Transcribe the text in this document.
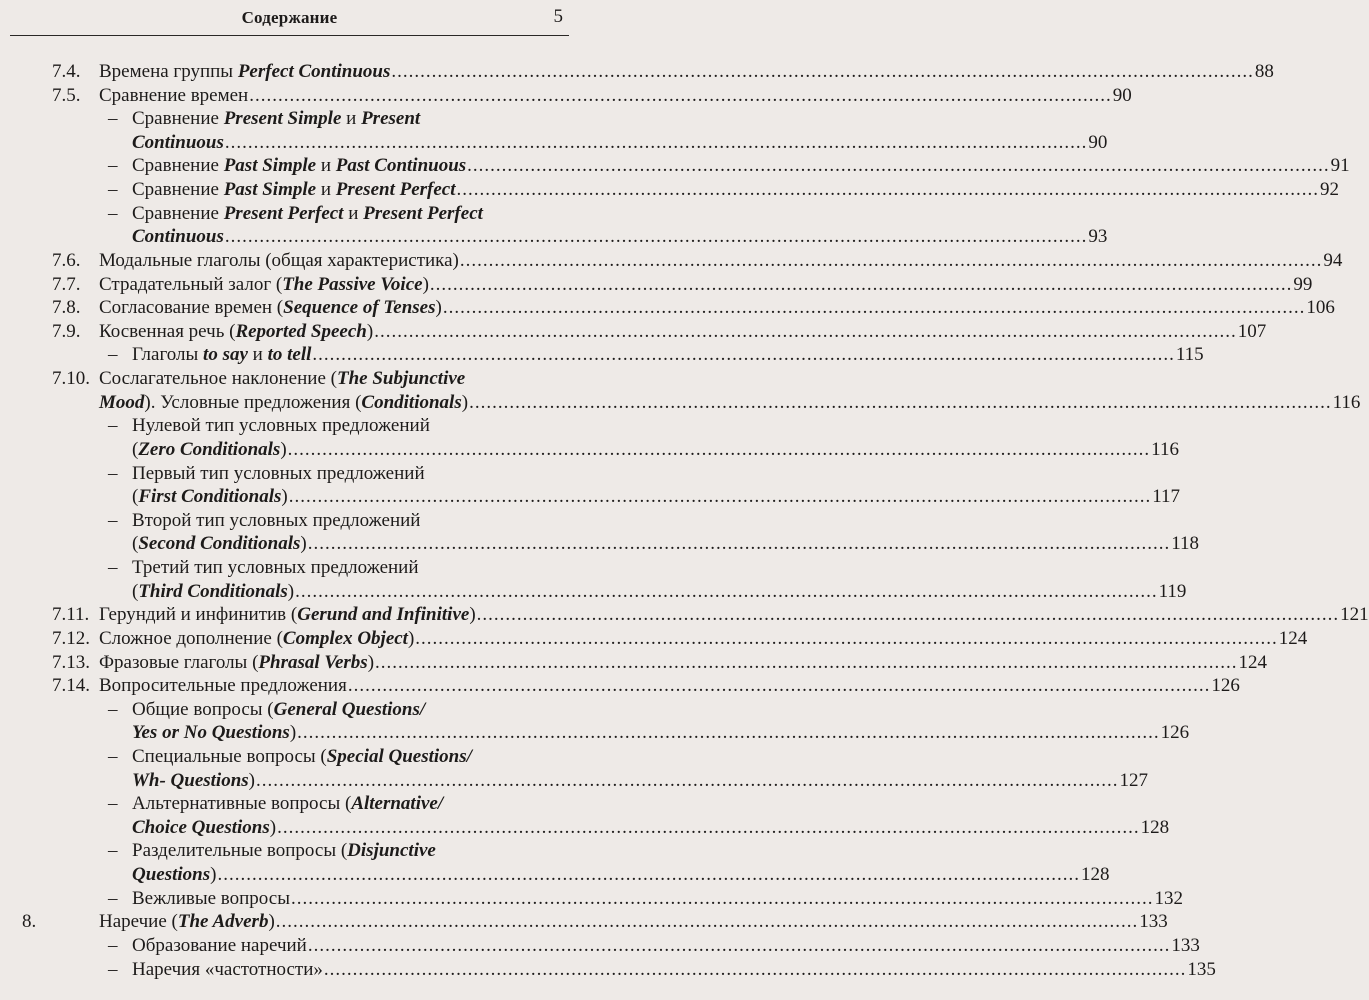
Содержание	5
7.4. Времена группы Perfect Continuous .....	88
7.5. Сравнение времен .....	90
– Сравнение Present Simple и Present
Continuous .....	90
– Сравнение Past Simple и Past Continuous .....	91
– Сравнение Past Simple и Present Perfect .....	92
– Сравнение Present Perfect и Present Perfect
Continuous .....	93
7.6. Модальные глаголы (общая характеристика) .....	94
7.7. Страдательный залог (The Passive Voice) .....	99
7.8. Согласование времен (Sequence of Tenses) .....	106
7.9. Косвенная речь (Reported Speech) .....	107
– Глаголы to say и to tell .....	115
7.10. Сослагательное наклонение (The Subjunctive
Mood). Условные предложения (Conditionals) .....	116
– Нулевой тип условных предложений
(Zero Conditionals) .....	116
– Первый тип условных предложений
(First Conditionals) .....	117
– Второй тип условных предложений
(Second Conditionals) .....	118
– Третий тип условных предложений
(Third Conditionals) .....	119
7.11. Герундий и инфинитив (Gerund and Infinitive) .....	121
7.12. Сложное дополнение (Complex Object) .....	124
7.13. Фразовые глаголы (Phrasal Verbs) .....	124
7.14. Вопросительные предложения .....	126
– Общие вопросы (General Questions/
Yes or No Questions) .....	126
– Специальные вопросы (Special Questions/
Wh- Questions) .....	127
– Альтернативные вопросы (Alternative/
Choice Questions) .....	128
– Разделительные вопросы (Disjunctive
Questions) .....	128
– Вежливые вопросы .....	132
8.	Наречие (The Adverb) .....	133
– Образование наречий .....	133
– Наречия «частотности» .....	135
